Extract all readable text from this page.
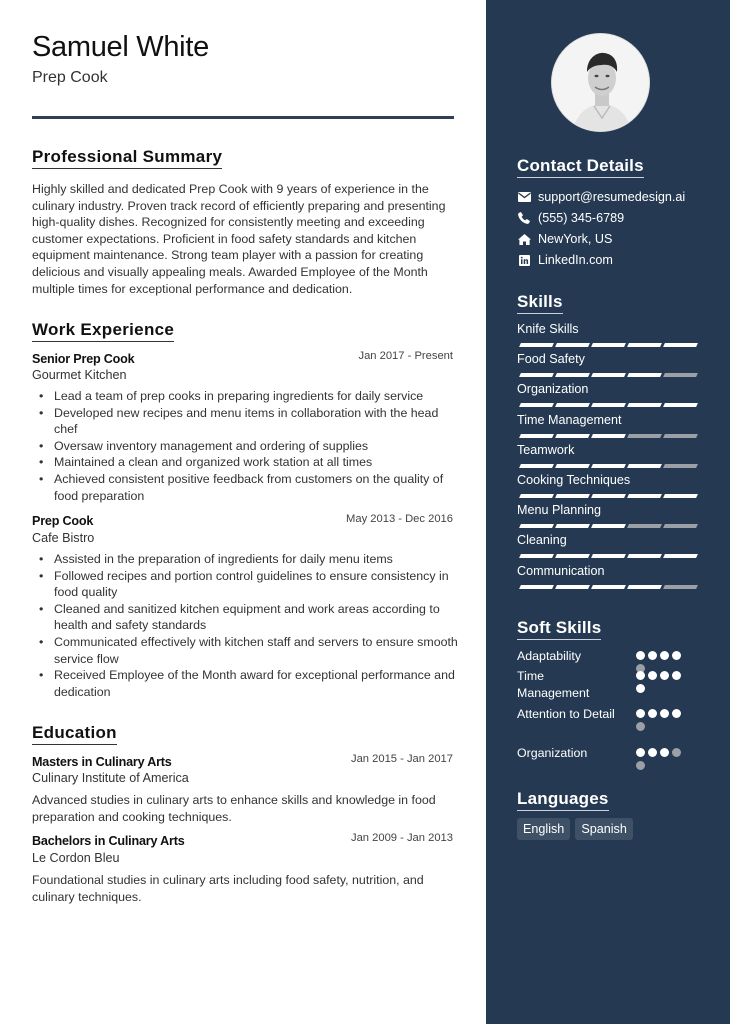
Samuel White
Prep Cook
Professional Summary
Highly skilled and dedicated Prep Cook with 9 years of experience in the culinary industry. Proven track record of efficiently preparing and presenting high-quality dishes. Recognized for consistently meeting and exceeding customer expectations. Proficient in food safety standards and kitchen equipment maintenance. Strong team player with a passion for creating delicious and visually appealing meals. Awarded Employee of the Month multiple times for exceptional performance and dedication.
Work Experience
Senior Prep Cook	Jan 2017 - Present
Gourmet Kitchen
• Lead a team of prep cooks in preparing ingredients for daily service
• Developed new recipes and menu items in collaboration with the head chef
• Oversaw inventory management and ordering of supplies
• Maintained a clean and organized work station at all times
• Achieved consistent positive feedback from customers on the quality of food preparation
Prep Cook	May 2013 - Dec 2016
Cafe Bistro
• Assisted in the preparation of ingredients for daily menu items
• Followed recipes and portion control guidelines to ensure consistency in food quality
• Cleaned and sanitized kitchen equipment and work areas according to health and safety standards
• Communicated effectively with kitchen staff and servers to ensure smooth service flow
• Received Employee of the Month award for exceptional performance and dedication
Education
Masters in Culinary Arts	Jan 2015 - Jan 2017
Culinary Institute of America
Advanced studies in culinary arts to enhance skills and knowledge in food preparation and cooking techniques.
Bachelors in Culinary Arts	Jan 2009 - Jan 2013
Le Cordon Bleu
Foundational studies in culinary arts including food safety, nutrition, and culinary techniques.
Contact Details
support@resumedesign.ai
(555) 345-6789
NewYork, US
LinkedIn.com
Skills
Knife Skills
Food Safety
Organization
Time Management
Teamwork
Cooking Techniques
Menu Planning
Cleaning
Communication
Soft Skills
Adaptability
Time Management
Attention to Detail
Organization
Languages
English	Spanish
